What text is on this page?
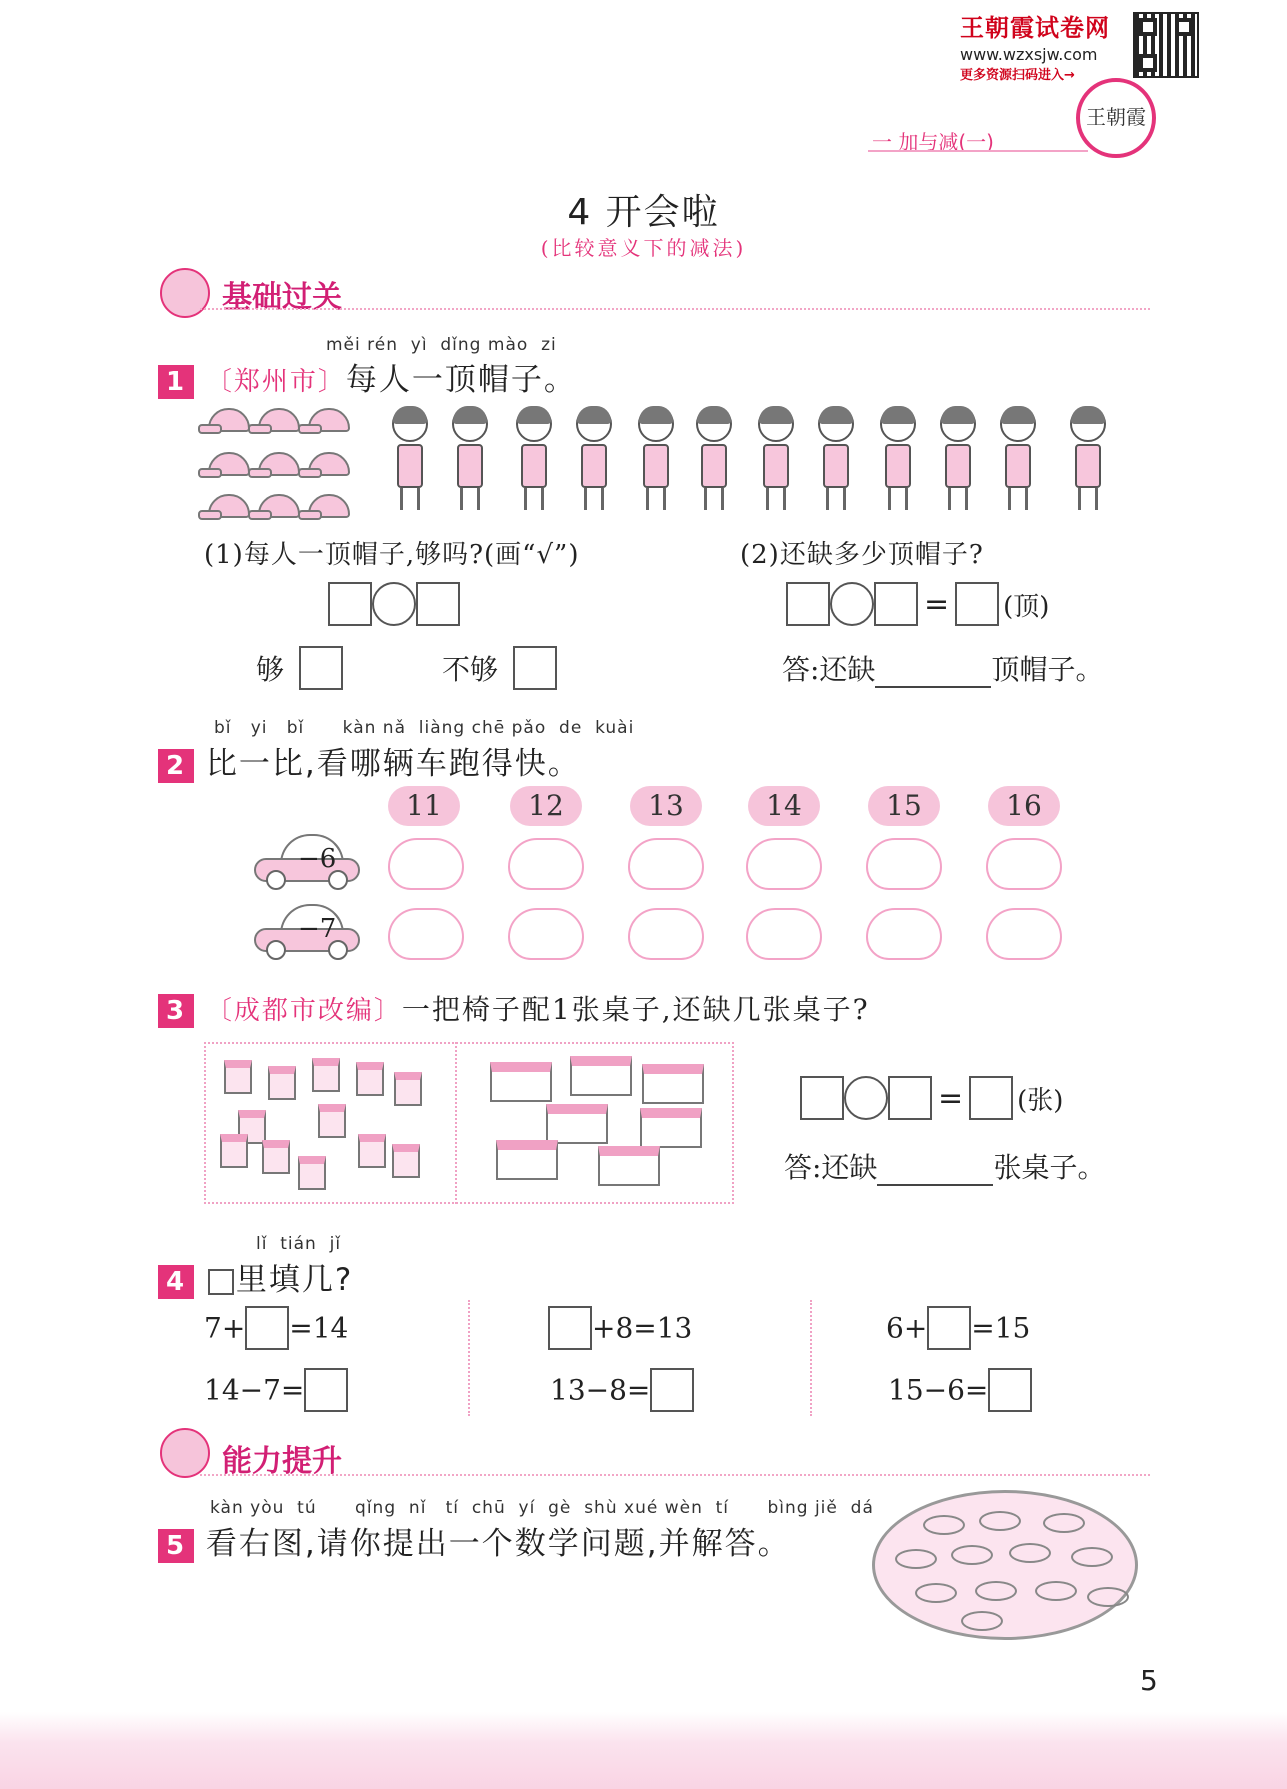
王朝霞试卷网
www.wzxsjw.com
更多资源扫码进入→
王朝霞
一 加与减(一)
4 开会啦
(比较意义下的减法)
基础过关
měi rén  yì  dǐng mào  zi
1 〔郑州市〕每人一顶帽子。
(1)每人一顶帽子,够吗?(画“√”)	(2)还缺多少顶帽子?
= (顶)
够	不够	答:还缺	顶帽子。
bǐ   yi   bǐ      kàn nǎ  liàng chē pǎo  de  kuài
2 比一比,看哪辆车跑得快。
11	12	13	14	15	16
−6
−7
3 〔成都市改编〕一把椅子配1张桌子,还缺几张桌子?
= (张)
答:还缺	张桌子。
lǐ  tián  jǐ
4 里填几?
7+ =14
14−7=
+8=13
13−8=
6+ =15
15−6=
能力提升
kàn yòu  tú      qǐng  nǐ   tí  chū  yí  gè  shù xué wèn  tí      bìng jiě  dá
5 看右图,请你提出一个数学问题,并解答。
5
